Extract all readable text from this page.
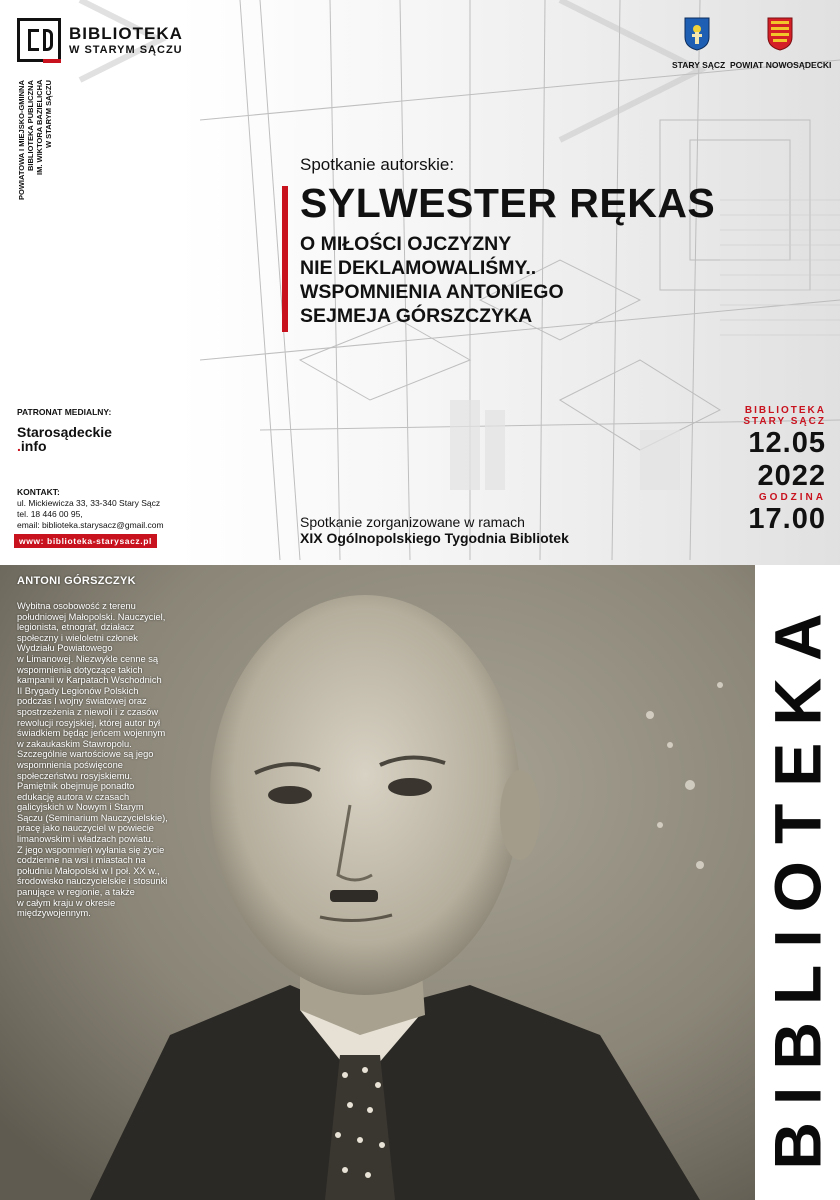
BIBLIOTEKA
W STARYM SĄCZU
POWIATOWA I MIEJSKO-GMINNA BIBLIOTEKA PUBLICZNA IM. WIKTORA BAZIELICHA W STARYM SĄCZU
STARY SĄCZ POWIAT NOWOSĄDECKI
Spotkanie autorskie:
SYLWESTER RĘKAS
O MIŁOŚCI OJCZYZNY
NIE DEKLAMOWALIŚMY..
WSPOMNIENIA ANTONIEGO
SEJMEJA GÓRSZCZYKA
PATRONAT MEDIALNY:
Starosądeckie
.info
KONTAKT:
ul. Mickiewicza 33, 33-340 Stary Sącz
tel. 18 446 00 95,
email: biblioteka.starysacz@gmail.com
www: biblioteka-starysacz.pl
BIBLIOTEKA
STARY SĄCZ
12.05
2022
GODZINA
17.00
Spotkanie zorganizowane w ramach
XIX Ogólnopolskiego Tygodnia Bibliotek
ANTONI GÓRSZCZYK
Wybitna osobowość z terenu
południowej Małopolski. Nauczyciel,
legionista, etnograf, działacz
społeczny i wieloletni członek
Wydziału Powiatowego
w Limanowej. Niezwykle cenne są
wspomnienia dotyczące takich
kampanii w Karpatach Wschodnich
II Brygady Legionów Polskich
podczas I wojny światowej oraz
spostrzeżenia z niewoli i z czasów
rewolucji rosyjskiej, której autor był
świadkiem będąc jeńcem wojennym
w zakaukaskim Stawropolu.
Szczególnie wartościowe są jego
wspomnienia poświęcone
społeczeństwu rosyjskiemu.
Pamiętnik obejmuje ponadto
edukację autora w czasach
galicyjskich w Nowym i Starym
Sączu (Seminarium Nauczycielskie),
pracę jako nauczyciel w powiecie
limanowskim i władzach powiatu.
Z jego wspomnień wyłania się życie
codzienne na wsi i miastach na
południu Małopolski w I poł. XX w.,
środowisko nauczycielskie i stosunki
panujące w regionie, a także
w całym kraju w okresie
międzywojennym.	BIBLIOTEKA
